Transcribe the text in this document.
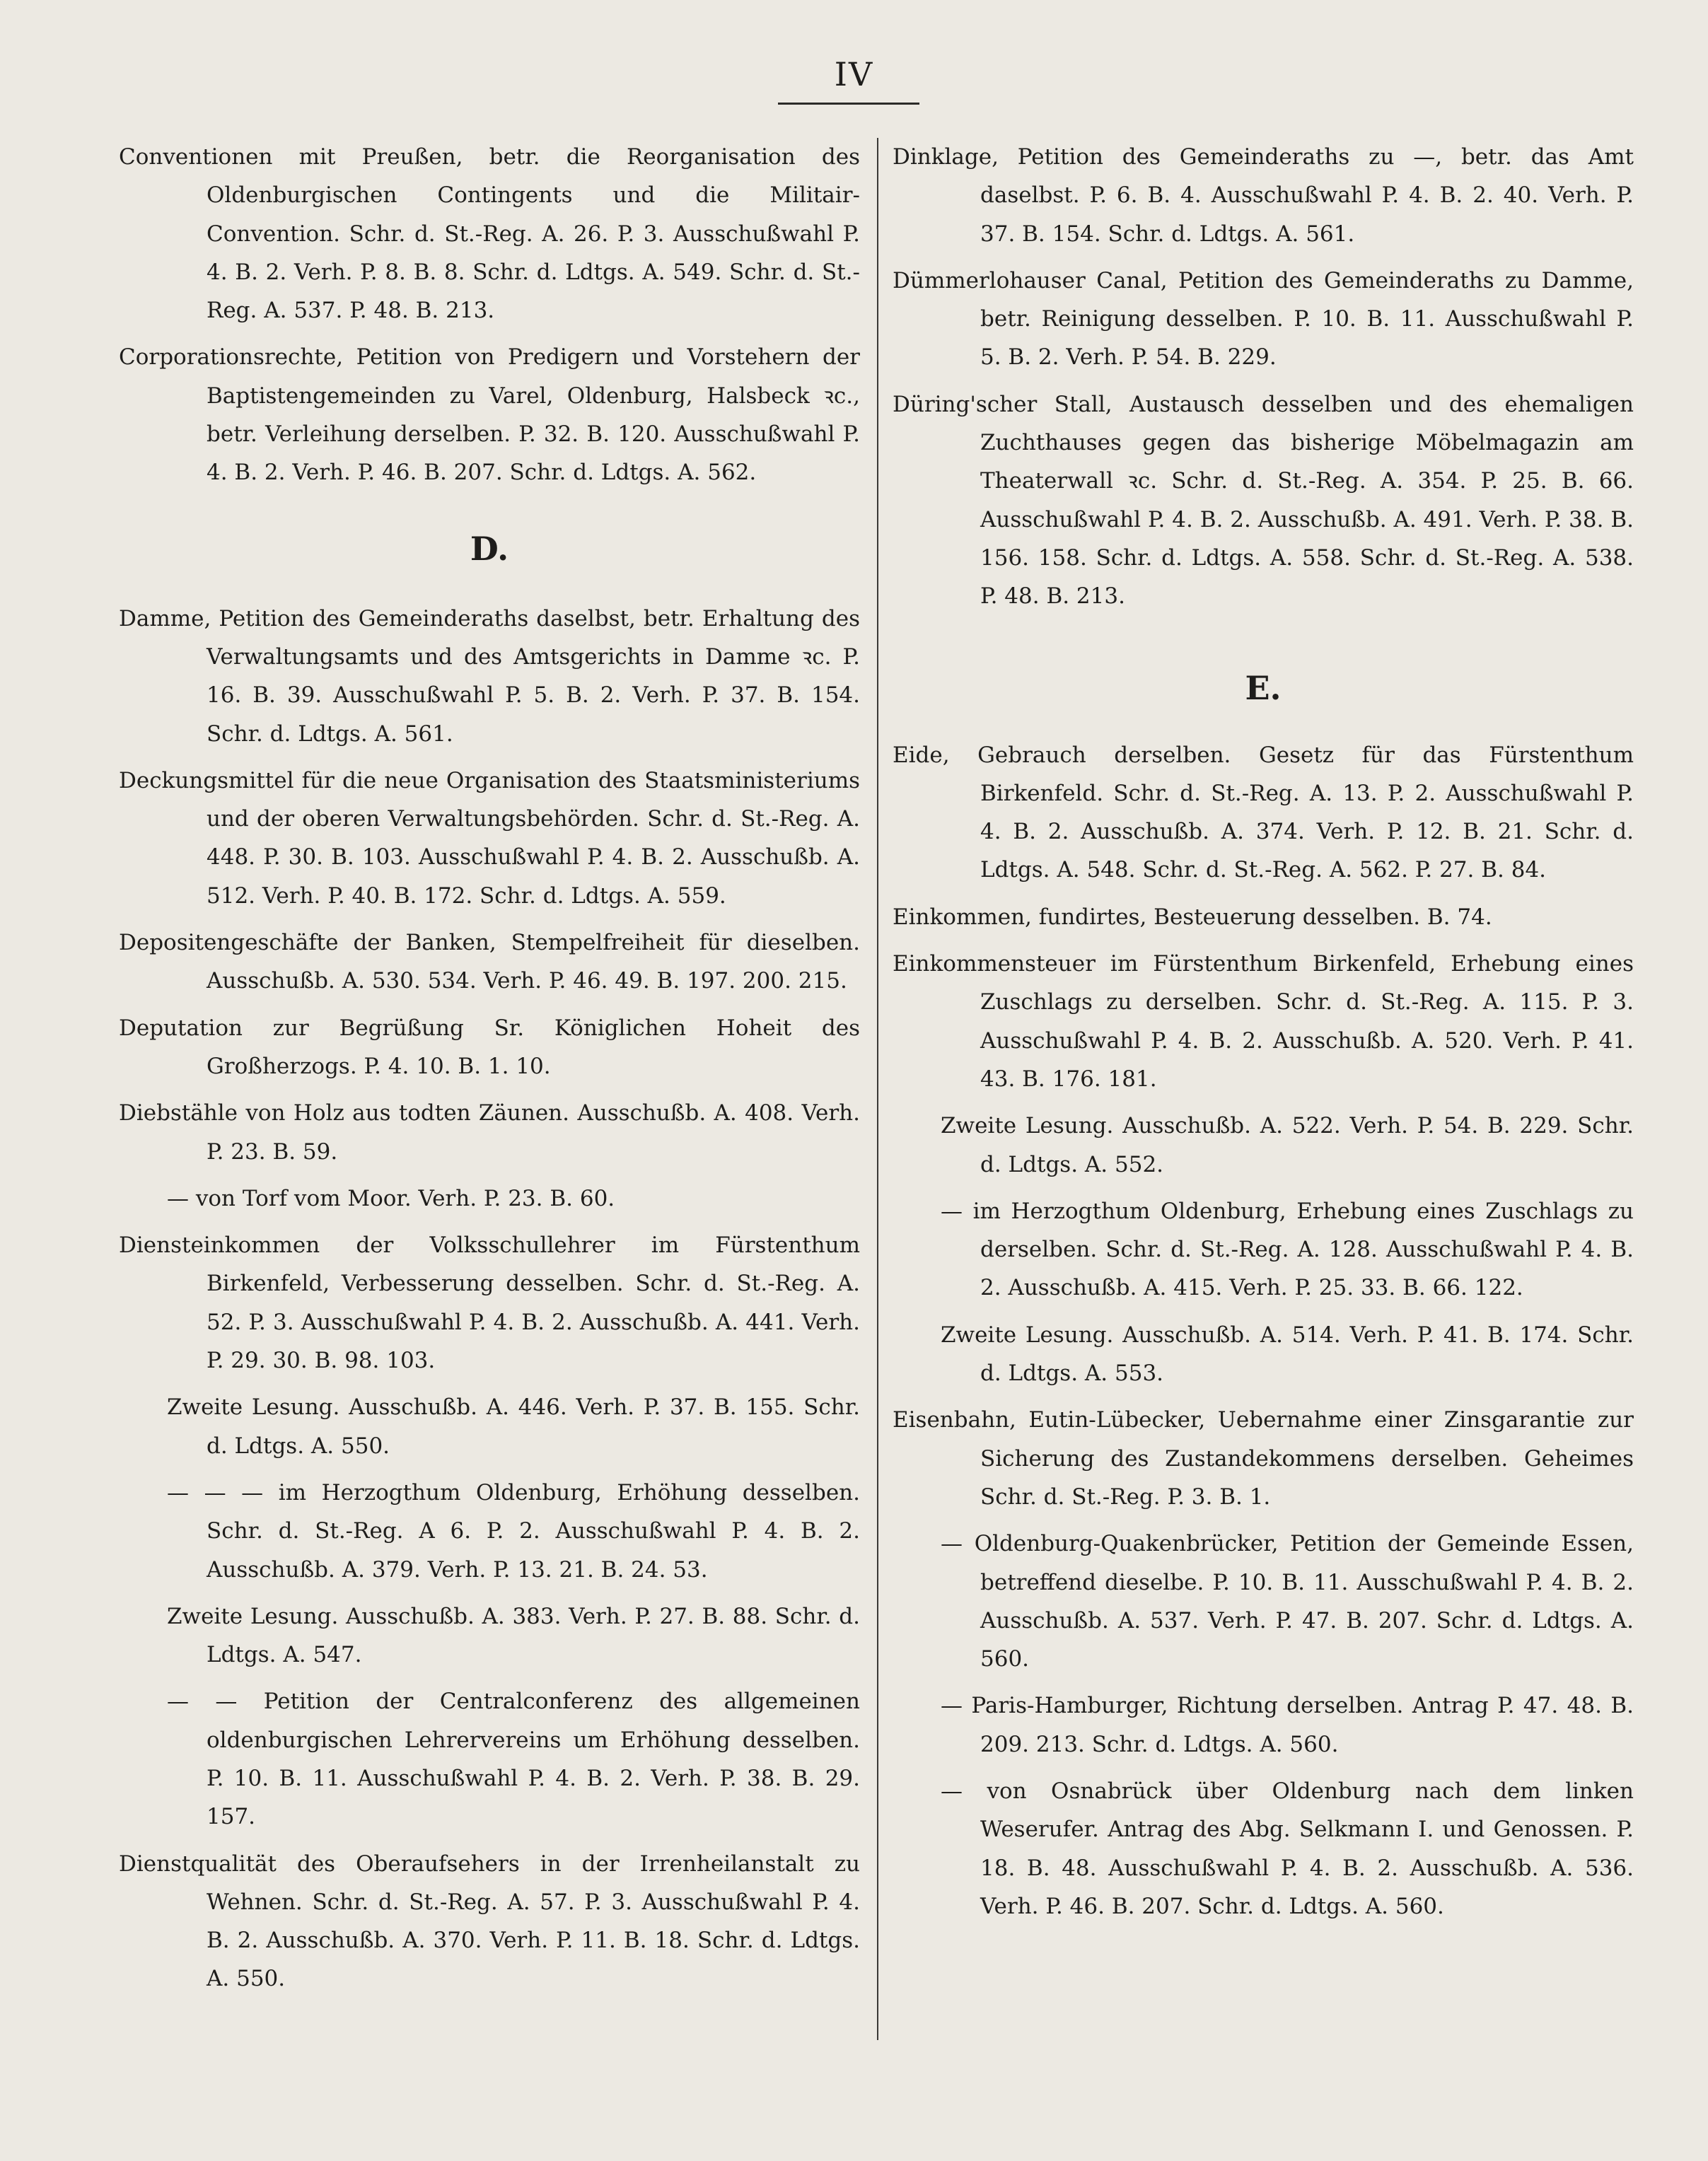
IV
Conventionen mit Preußen, betr. die Reorganisation des Oldenburgischen Contingents und die Militair-Convention. Schr. d. St.-Reg. A. 26. P. 3. Ausschußwahl P. 4. B. 2. Verh. P. 8. B. 8. Schr. d. Ldtgs. A. 549. Schr. d. St.-Reg. A. 537. P. 48. B. 213.
Corporationsrechte, Petition von Predigern und Vorstehern der Baptistengemeinden zu Varel, Oldenburg, Halsbeck ꝛc., betr. Verleihung derselben. P. 32. B. 120. Ausschußwahl P. 4. B. 2. Verh. P. 46. B. 207. Schr. d. Ldtgs. A. 562.
D.
Damme, Petition des Gemeinderaths daselbst, betr. Erhaltung des Verwaltungsamts und des Amtsgerichts in Damme ꝛc. P. 16. B. 39. Ausschußwahl P. 5. B. 2. Verh. P. 37. B. 154. Schr. d. Ldtgs. A. 561.
Deckungsmittel für die neue Organisation des Staatsministeriums und der oberen Verwaltungsbehörden. Schr. d. St.-Reg. A. 448. P. 30. B. 103. Ausschußwahl P. 4. B. 2. Ausschußb. A. 512. Verh. P. 40. B. 172. Schr. d. Ldtgs. A. 559.
Depositengeschäfte der Banken, Stempelfreiheit für dieselben. Ausschußb. A. 530. 534. Verh. P. 46. 49. B. 197. 200. 215.
Deputation zur Begrüßung Sr. Königlichen Hoheit des Großherzogs. P. 4. 10. B. 1. 10.
Diebstähle von Holz aus todten Zäunen. Ausschußb. A. 408. Verh. P. 23. B. 59.
— von Torf vom Moor. Verh. P. 23. B. 60.
Diensteinkommen der Volksschullehrer im Fürstenthum Birkenfeld, Verbesserung desselben. Schr. d. St.-Reg. A. 52. P. 3. Ausschußwahl P. 4. B. 2. Ausschußb. A. 441. Verh. P. 29. 30. B. 98. 103.
Zweite Lesung. Ausschußb. A. 446. Verh. P. 37. B. 155. Schr. d. Ldtgs. A. 550.
— — — im Herzogthum Oldenburg, Erhöhung desselben. Schr. d. St.-Reg. A 6. P. 2. Ausschußwahl P. 4. B. 2. Ausschußb. A. 379. Verh. P. 13. 21. B. 24. 53.
Zweite Lesung. Ausschußb. A. 383. Verh. P. 27. B. 88. Schr. d. Ldtgs. A. 547.
— — Petition der Centralconferenz des allgemeinen oldenburgischen Lehrervereins um Erhöhung desselben. P. 10. B. 11. Ausschußwahl P. 4. B. 2. Verh. P. 38. B. 29. 157.
Dienstqualität des Oberaufsehers in der Irrenheilanstalt zu Wehnen. Schr. d. St.-Reg. A. 57. P. 3. Ausschußwahl P. 4. B. 2. Ausschußb. A. 370. Verh. P. 11. B. 18. Schr. d. Ldtgs. A. 550.
Dinklage, Petition des Gemeinderaths zu —, betr. das Amt daselbst. P. 6. B. 4. Ausschußwahl P. 4. B. 2. 40. Verh. P. 37. B. 154. Schr. d. Ldtgs. A. 561.
Dümmerlohauser Canal, Petition des Gemeinderaths zu Damme, betr. Reinigung desselben. P. 10. B. 11. Ausschußwahl P. 5. B. 2. Verh. P. 54. B. 229.
Düring'scher Stall, Austausch desselben und des ehemaligen Zuchthauses gegen das bisherige Möbelmagazin am Theaterwall ꝛc. Schr. d. St.-Reg. A. 354. P. 25. B. 66. Ausschußwahl P. 4. B. 2. Ausschußb. A. 491. Verh. P. 38. B. 156. 158. Schr. d. Ldtgs. A. 558. Schr. d. St.-Reg. A. 538. P. 48. B. 213.
E.
Eide, Gebrauch derselben. Gesetz für das Fürstenthum Birkenfeld. Schr. d. St.-Reg. A. 13. P. 2. Ausschußwahl P. 4. B. 2. Ausschußb. A. 374. Verh. P. 12. B. 21. Schr. d. Ldtgs. A. 548. Schr. d. St.-Reg. A. 562. P. 27. B. 84.
Einkommen, fundirtes, Besteuerung desselben. B. 74.
Einkommensteuer im Fürstenthum Birkenfeld, Erhebung eines Zuschlags zu derselben. Schr. d. St.-Reg. A. 115. P. 3. Ausschußwahl P. 4. B. 2. Ausschußb. A. 520. Verh. P. 41. 43. B. 176. 181.
Zweite Lesung. Ausschußb. A. 522. Verh. P. 54. B. 229. Schr. d. Ldtgs. A. 552.
— im Herzogthum Oldenburg, Erhebung eines Zuschlags zu derselben. Schr. d. St.-Reg. A. 128. Ausschußwahl P. 4. B. 2. Ausschußb. A. 415. Verh. P. 25. 33. B. 66. 122.
Zweite Lesung. Ausschußb. A. 514. Verh. P. 41. B. 174. Schr. d. Ldtgs. A. 553.
Eisenbahn, Eutin-Lübecker, Uebernahme einer Zinsgarantie zur Sicherung des Zustandekommens derselben. Geheimes Schr. d. St.-Reg. P. 3. B. 1.
— Oldenburg-Quakenbrücker, Petition der Gemeinde Essen, betreffend dieselbe. P. 10. B. 11. Ausschußwahl P. 4. B. 2. Ausschußb. A. 537. Verh. P. 47. B. 207. Schr. d. Ldtgs. A. 560.
— Paris-Hamburger, Richtung derselben. Antrag P. 47. 48. B. 209. 213. Schr. d. Ldtgs. A. 560.
— von Osnabrück über Oldenburg nach dem linken Weserufer. Antrag des Abg. Selkmann I. und Genossen. P. 18. B. 48. Ausschußwahl P. 4. B. 2. Ausschußb. A. 536. Verh. P. 46. B. 207. Schr. d. Ldtgs. A. 560.
